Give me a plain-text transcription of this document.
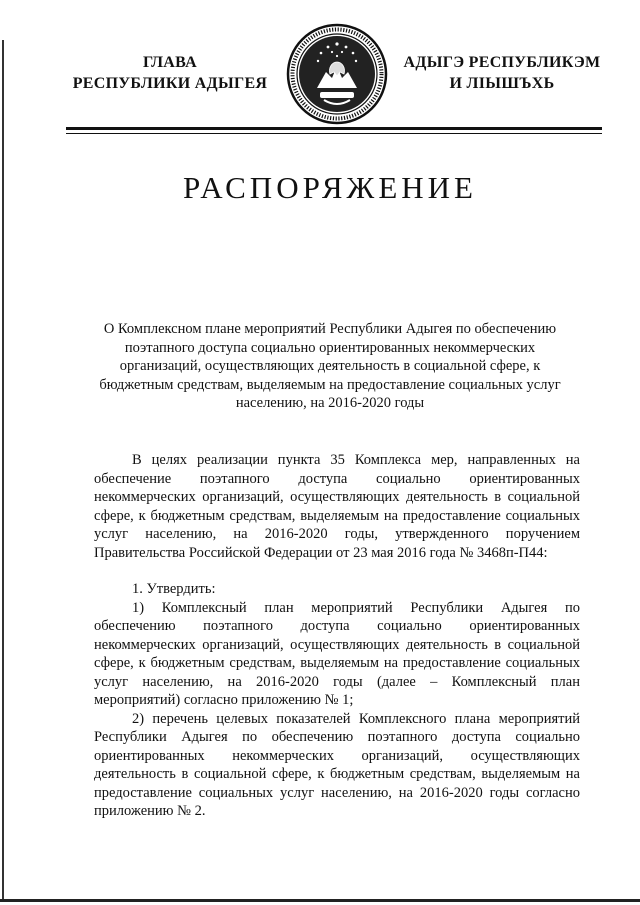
ГЛАВА
РЕСПУБЛИКИ АДЫГЕЯ
АДЫГЭ РЕСПУБЛИКЭМ
И ЛІЫШЪХЬ
РАСПОРЯЖЕНИЕ
О Комплексном плане мероприятий Республики Адыгея по обеспечению поэтапного доступа социально ориентированных некоммерческих организаций, осуществляющих деятельность в социальной сфере, к бюджетным средствам, выделяемым на предоставление социальных услуг населению, на 2016-2020 годы

В целях реализации пункта 35 Комплекса мер, направленных на обеспечение поэтапного доступа социально ориентированных некоммерческих организаций, осуществляющих деятельность в социальной сфере, к бюджетным средствам, выделяемым на предоставление социальных услуг населению, на 2016-2020 годы, утвержденного поручением Правительства Российской Федерации от 23 мая 2016 года № 3468п-П44:

1. Утвердить:

1) Комплексный план мероприятий Республики Адыгея по обеспечению поэтапного доступа социально ориентированных некоммерческих организаций, осуществляющих деятельность в социальной сфере, к бюджетным средствам, выделяемым на предоставление социальных услуг населению, на 2016-2020 годы (далее – Комплексный план мероприятий) согласно приложению № 1;

2) перечень целевых показателей Комплексного плана мероприятий Республики Адыгея по обеспечению поэтапного доступа социально ориентированных некоммерческих организаций, осуществляющих деятельность в социальной сфере, к бюджетным средствам, выделяемым на предоставление социальных услуг населению, на 2016-2020 годы согласно приложению № 2.
